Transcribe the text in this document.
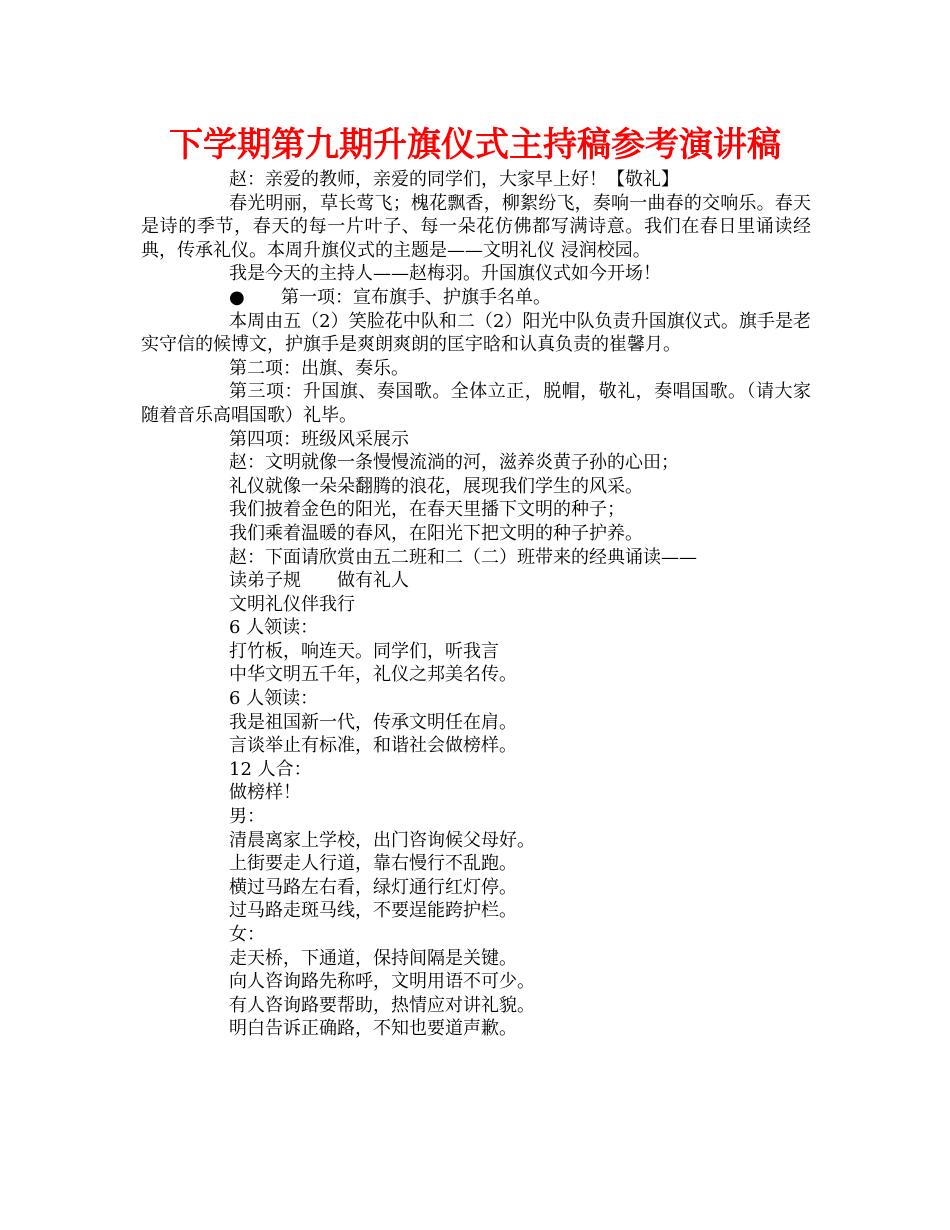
下学期第九期升旗仪式主持稿参考演讲稿

赵：亲爱的教师，亲爱的同学们，大家早上好！【敬礼】

春光明丽，草长莺飞；槐花飘香，柳絮纷飞，奏响一曲春的交响乐。春天是诗的季节，春天的每一片叶子、每一朵花仿佛都写满诗意。我们在春日里诵读经典，传承礼仪。本周升旗仪式的主题是——文明礼仪 浸润校园。

我是今天的主持人——赵梅羽。升国旗仪式如今开场！

● 第一项：宣布旗手、护旗手名单。

本周由五（2）笑脸花中队和二（2）阳光中队负责升国旗仪式。旗手是老实守信的候博文，护旗手是爽朗爽朗的匡宇晗和认真负责的崔馨月。

第二项：出旗、奏乐。

第三项：升国旗、奏国歌。全体立正，脱帽，敬礼，奏唱国歌。（请大家随着音乐高唱国歌）礼毕。

第四项：班级风采展示

赵：文明就像一条慢慢流淌的河，滋养炎黄子孙的心田；

礼仪就像一朵朵翻腾的浪花，展现我们学生的风采。

我们披着金色的阳光，在春天里播下文明的种子；

我们乘着温暖的春风，在阳光下把文明的种子护养。

赵：下面请欣赏由五二班和二（二）班带来的经典诵读——

读弟子规　　做有礼人

文明礼仪伴我行

6 人领读：

打竹板，响连天。同学们，听我言

中华文明五千年，礼仪之邦美名传。

6 人领读：

我是祖国新一代，传承文明任在肩。

言谈举止有标准，和谐社会做榜样。

12 人合：

做榜样！

男：

清晨离家上学校，出门咨询候父母好。

上街要走人行道，靠右慢行不乱跑。

横过马路左右看，绿灯通行红灯停。

过马路走斑马线，不要逞能跨护栏。

女：

走天桥，下通道，保持间隔是关键。

向人咨询路先称呼，文明用语不可少。

有人咨询路要帮助，热情应对讲礼貌。

明白告诉正确路，不知也要道声歉。
